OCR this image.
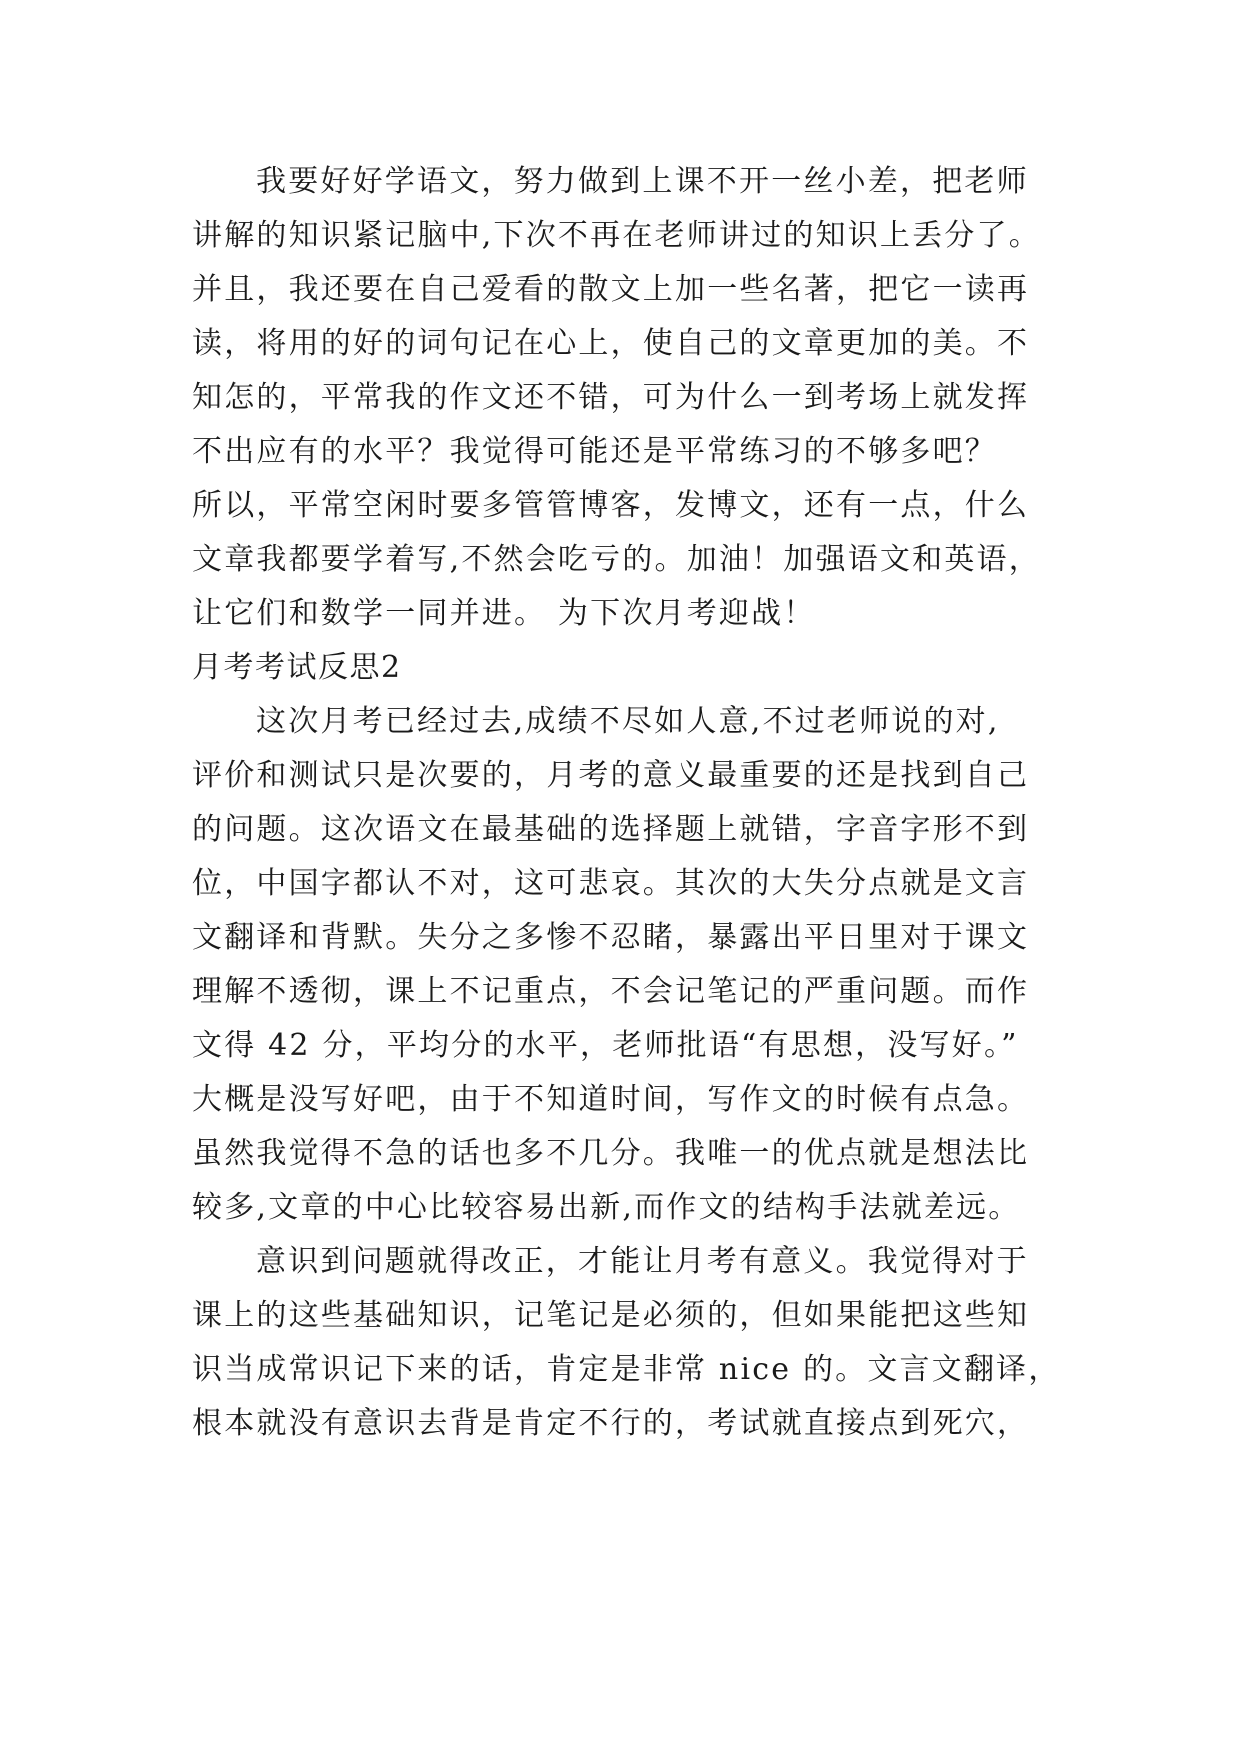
我要好好学语文，努力做到上课不开一丝小差，把老师
讲解的知识紧记脑中,下次不再在老师讲过的知识上丢分了。
并且，我还要在自己爱看的散文上加一些名著，把它一读再
读，将用的好的词句记在心上，使自己的文章更加的美。不
知怎的，平常我的作文还不错，可为什么一到考场上就发挥
不出应有的水平？我觉得可能还是平常练习的不够多吧？
所以，平常空闲时要多管管博客，发博文，还有一点，什么
文章我都要学着写,不然会吃亏的。加油！加强语文和英语，
让它们和数学一同并进。 为下次月考迎战！
月考考试反思2
这次月考已经过去,成绩不尽如人意,不过老师说的对,
评价和测试只是次要的，月考的意义最重要的还是找到自己
的问题。这次语文在最基础的选择题上就错，字音字形不到
位，中国字都认不对，这可悲哀。其次的大失分点就是文言
文翻译和背默。失分之多惨不忍睹，暴露出平日里对于课文
理解不透彻，课上不记重点，不会记笔记的严重问题。而作
文得 42 分，平均分的水平，老师批语“有思想，没写好。”
大概是没写好吧，由于不知道时间，写作文的时候有点急。
虽然我觉得不急的话也多不几分。我唯一的优点就是想法比
较多,文章的中心比较容易出新,而作文的结构手法就差远。
意识到问题就得改正，才能让月考有意义。我觉得对于
课上的这些基础知识，记笔记是必须的，但如果能把这些知
识当成常识记下来的话，肯定是非常 nice 的。文言文翻译，
根本就没有意识去背是肯定不行的，考试就直接点到死穴，
